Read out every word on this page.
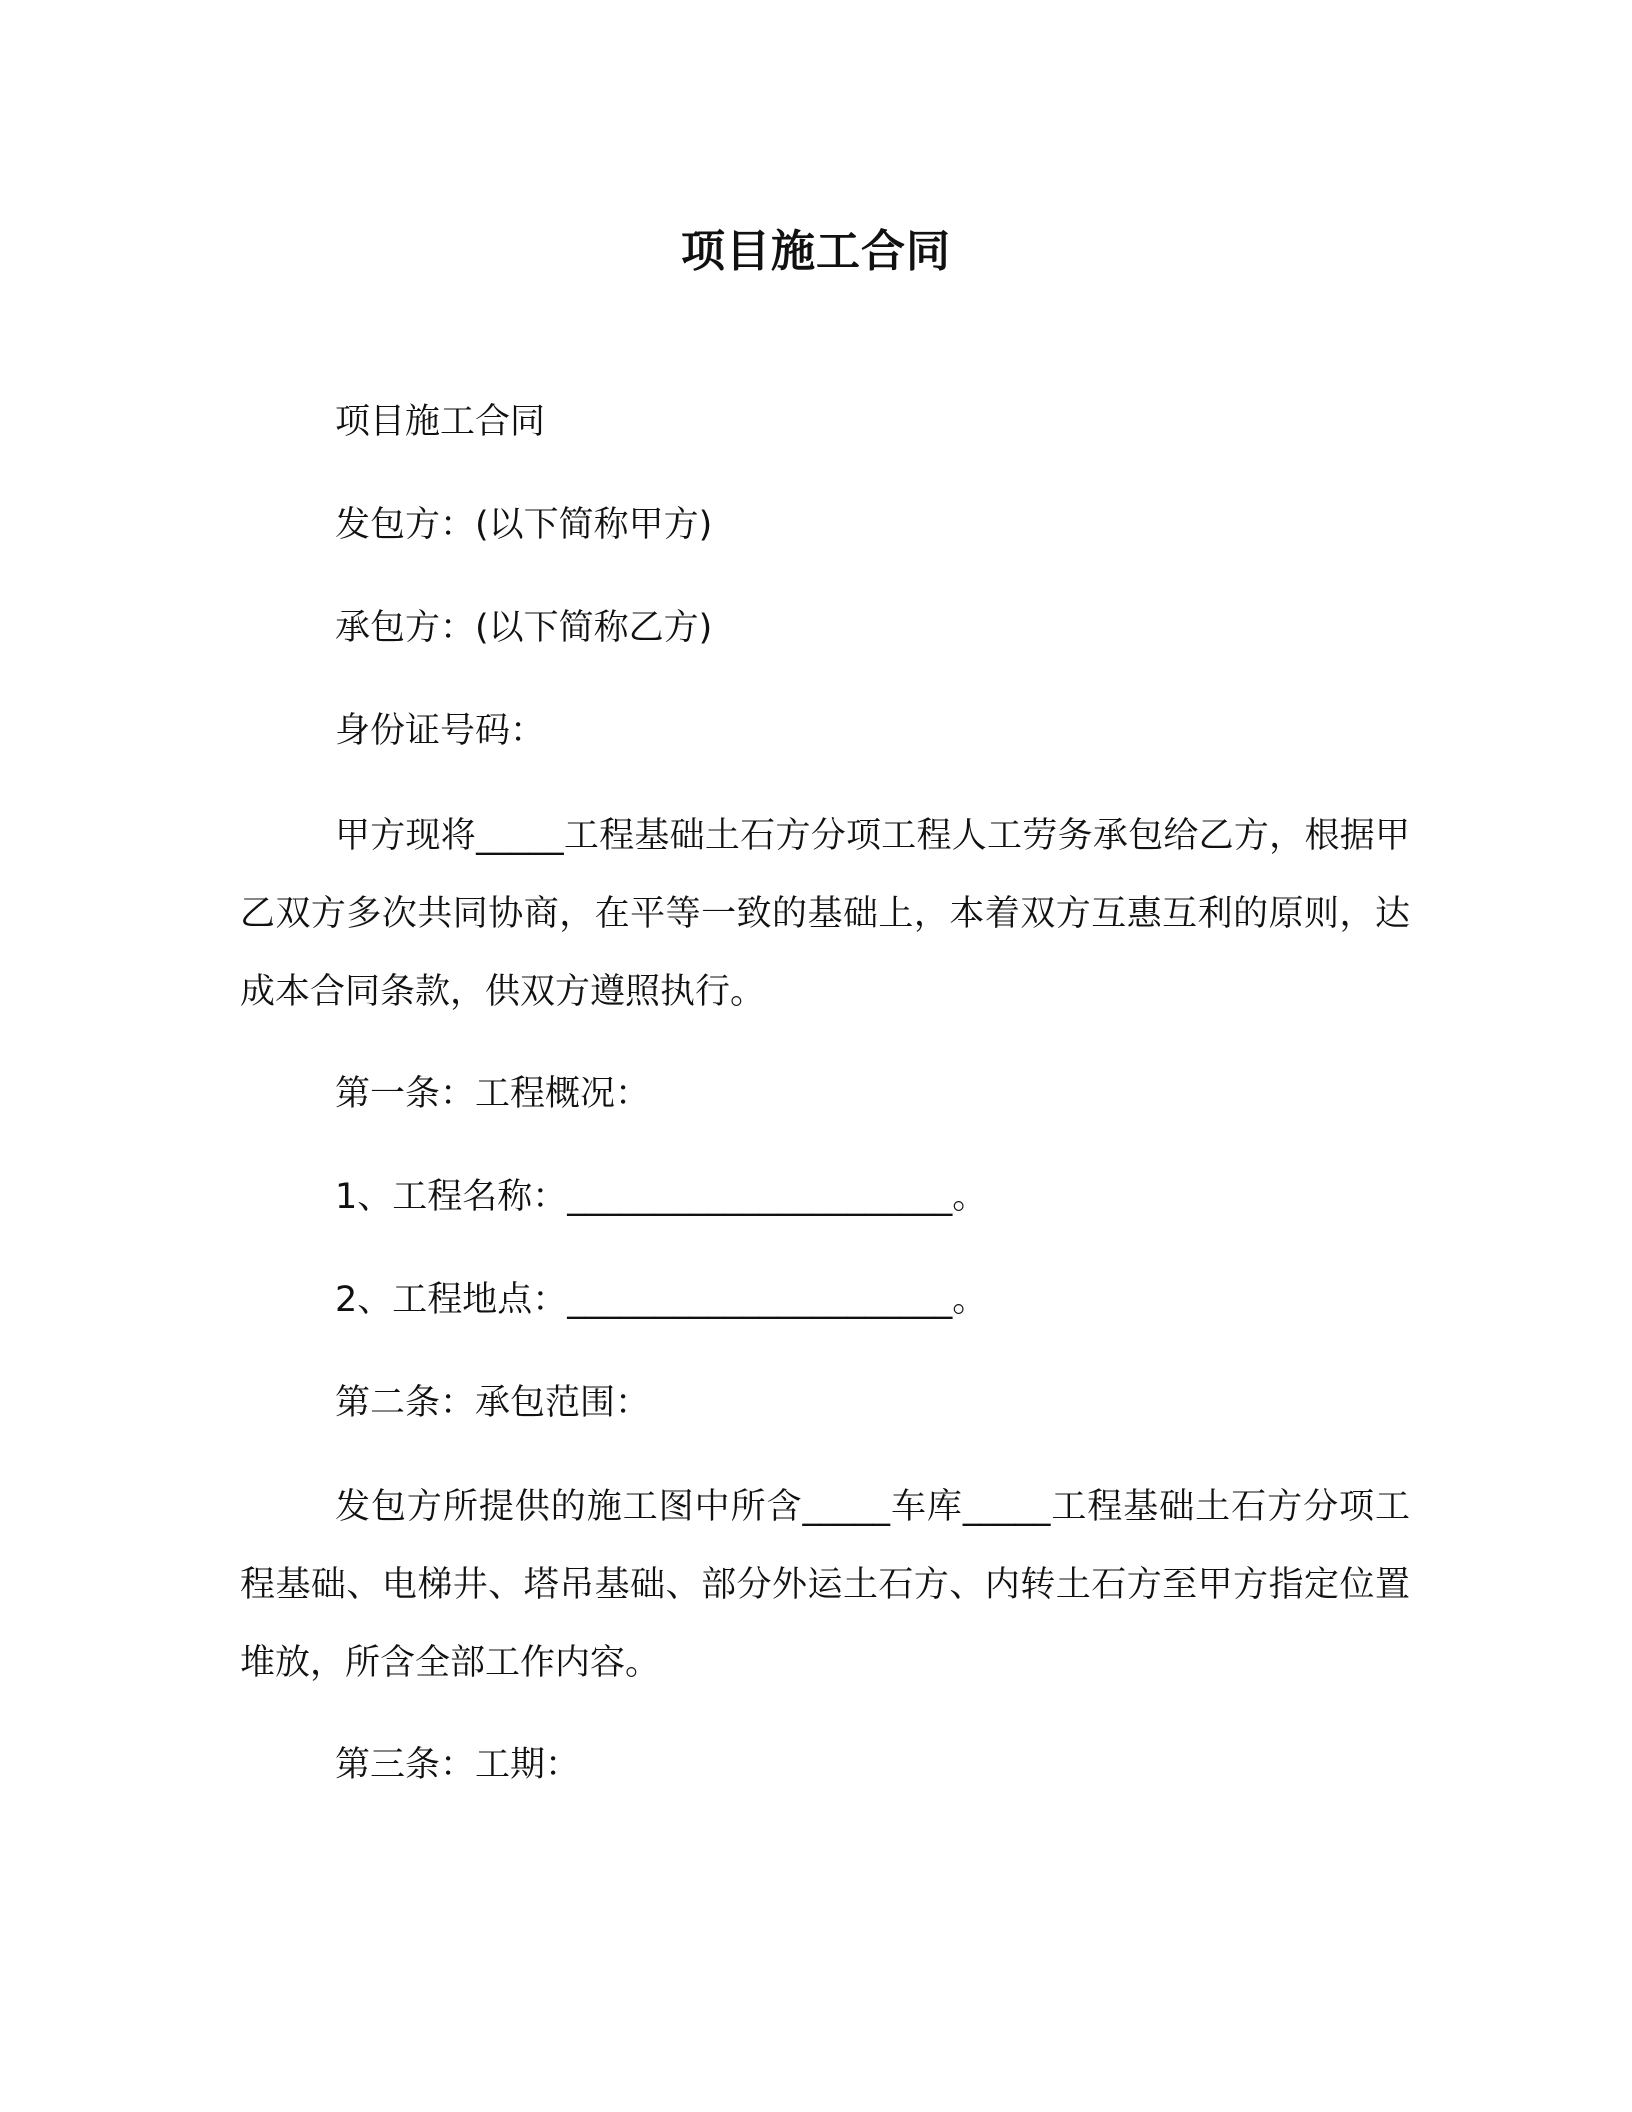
项目施工合同
项目施工合同
发包方：(以下简称甲方)
承包方：(以下简称乙方)
身份证号码：
甲方现将_____工程基础土石方分项工程人工劳务承包给乙方，根据甲乙双方多次共同协商，在平等一致的基础上，本着双方互惠互利的原则，达成本合同条款，供双方遵照执行。
第一条：工程概况：
1、工程名称：______________________。
2、工程地点：______________________。
第二条：承包范围：
发包方所提供的施工图中所含_____车库_____工程基础土石方分项工程基础、电梯井、塔吊基础、部分外运土石方、内转土石方至甲方指定位置堆放，所含全部工作内容。
第三条：工期：
